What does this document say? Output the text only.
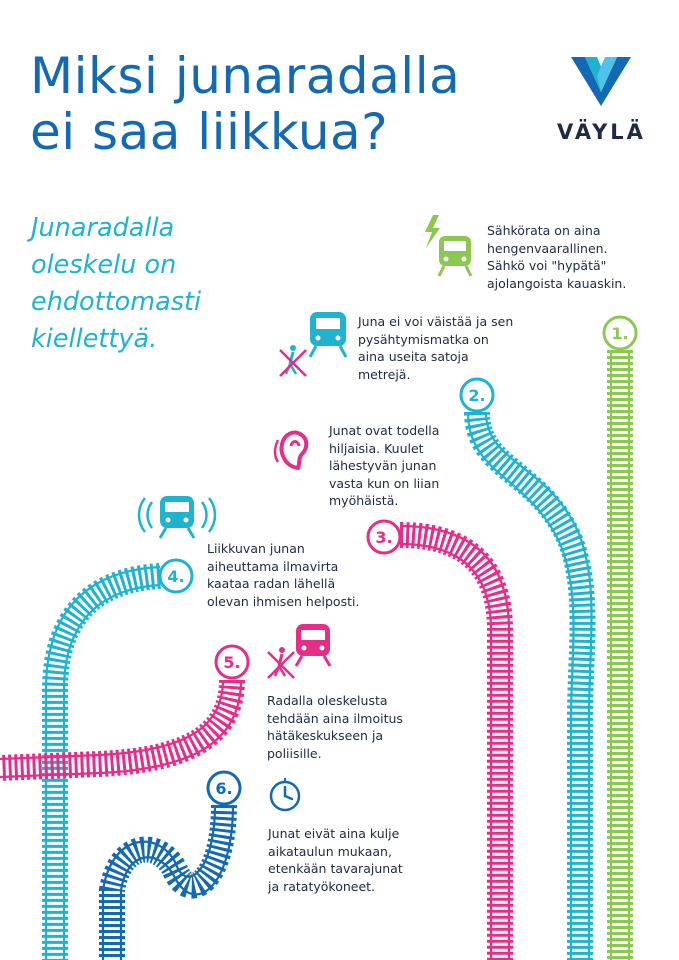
1.
2.
3.
4.
5.
6.
Miksi junaradalla
ei saa liikkua?	VÄYLÄ

Junaradalla
oleskelu on
ehdottomasti
kiellettyä.

Sähkörata on aina
hengenvaarallinen.
Sähkö voi "hypätä"
ajolangoista kauaskin.

Juna ei voi väistää ja sen
pysähtymismatka on
aina useita satoja
metrejä.

Junat ovat todella
hiljaisia. Kuulet
lähestyvän junan
vasta kun on liian
myöhäistä.

Liikkuvan junan
aiheuttama ilmavirta
kaataa radan lähellä
olevan ihmisen helposti.

Radalla oleskelusta
tehdään aina ilmoitus
hätäkeskukseen ja
poliisille.

Junat eivät aina kulje
aikataulun mukaan,
etenkään tavarajunat
ja ratatyökoneet.
